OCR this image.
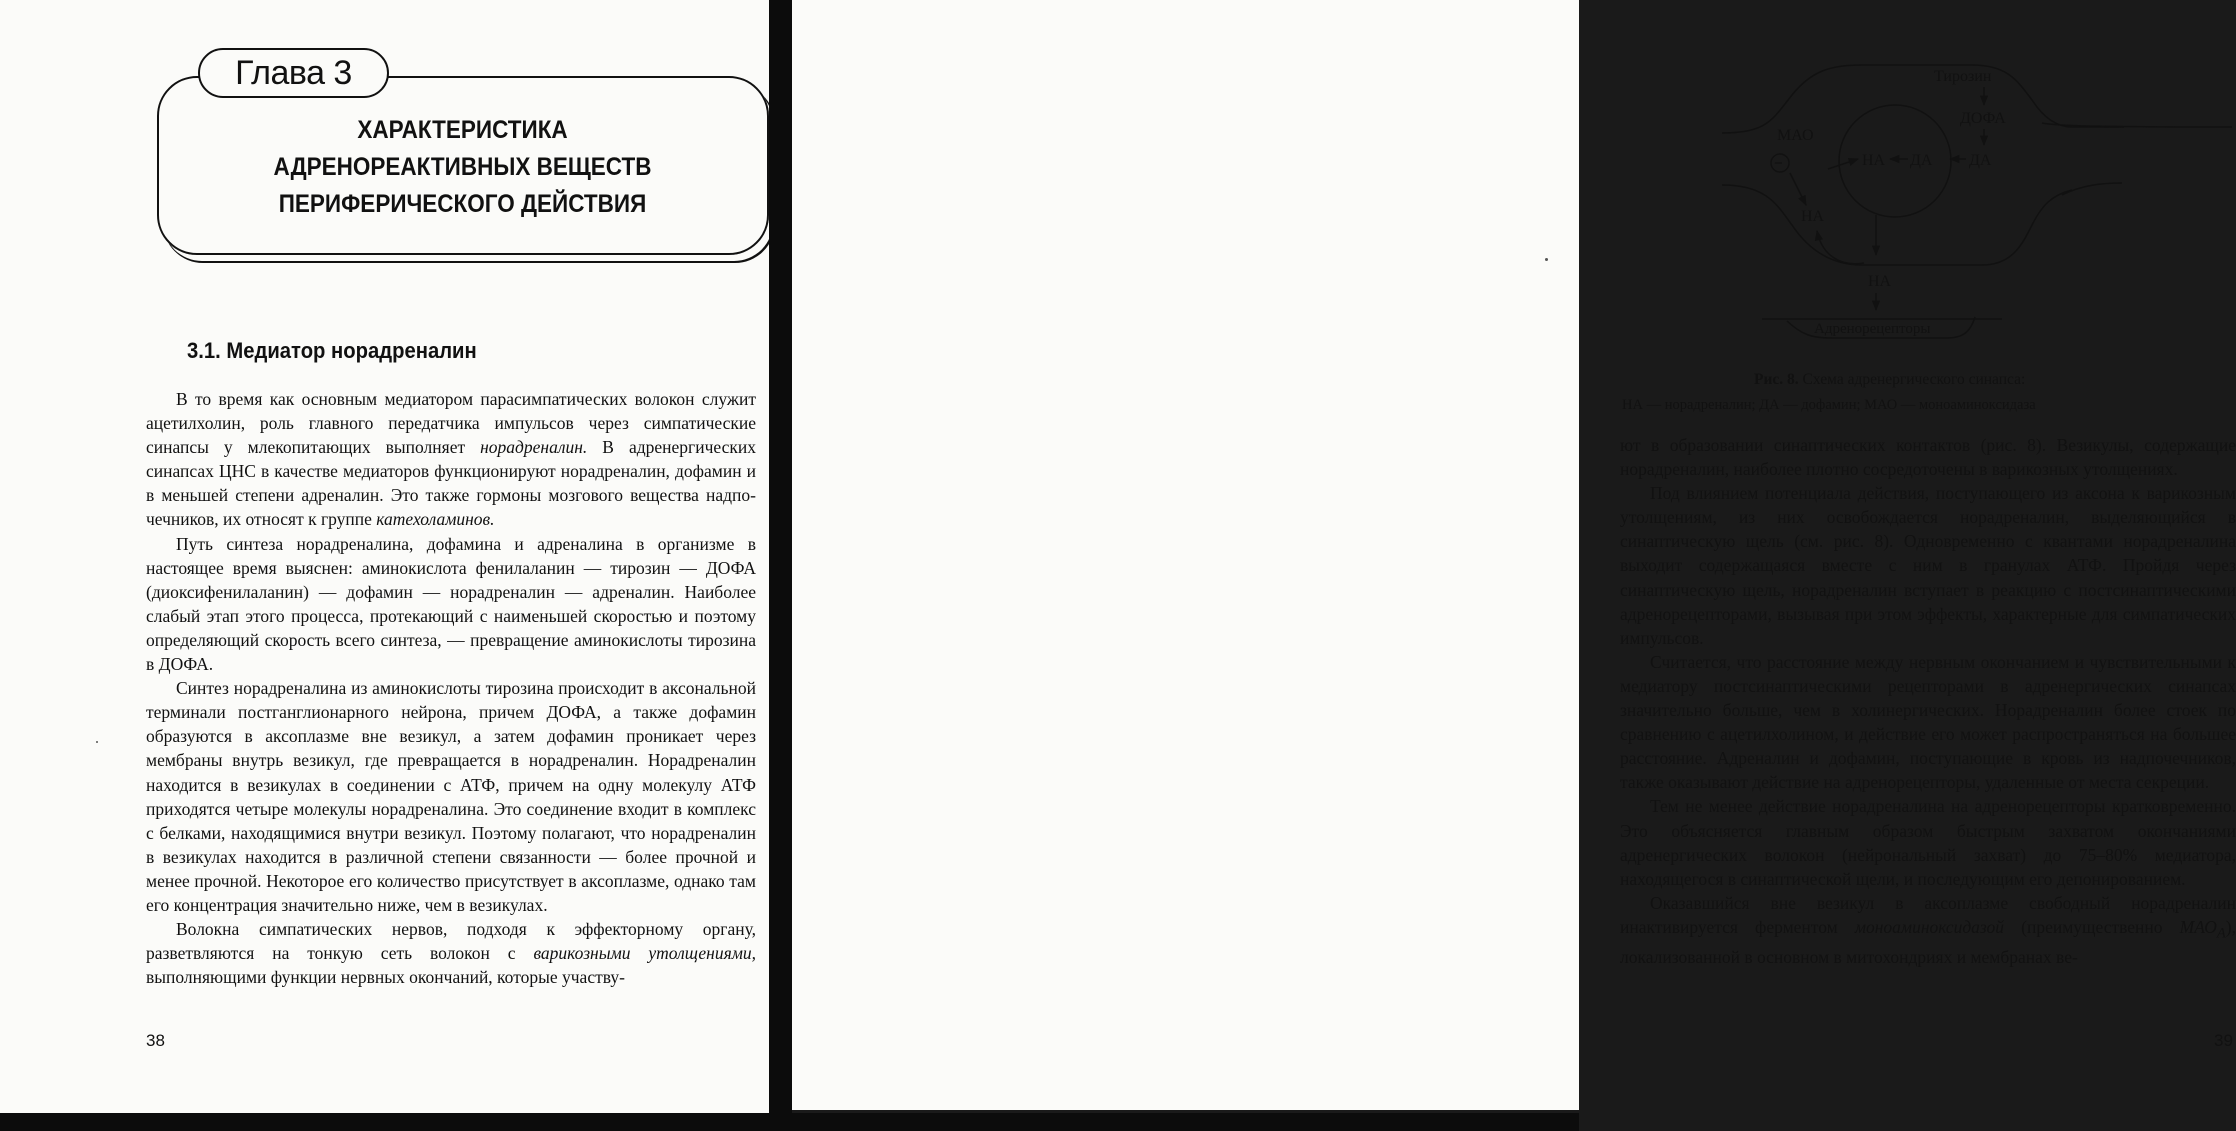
Глава 3
ХАРАКТЕРИСТИКА
АДРЕНОРЕАКТИВНЫХ ВЕЩЕСТВ
ПЕРИФЕРИЧЕСКОГО ДЕЙСТВИЯ
3.1. Медиатор норадреналин

В то время как основным медиатором парасимпатических волокон служит ацетилхолин, роль главного передатчика импульсов через симпатические синапсы у млекопитающих выполняет норадреналин. В адренергических синапсах ЦНС в качестве медиаторов функционируют норадреналин, дофамин и в меньшей степени адреналин. Это также гормоны мозгового вещества надпочечников, их относят к группе катехоламинов.

Путь синтеза норадреналина, дофамина и адреналина в организме в настоящее время выяснен: аминокислота фенилаланин — тирозин — ДОФА (диоксифенилаланин) — дофамин — норадреналин — адреналин. Наиболее слабый этап этого процесса, протекающий с наименьшей скоростью и поэтому определяющий скорость всего синтеза, — превращение аминокислоты тирозина в ДОФА.

Синтез норадреналина из аминокислоты тирозина происходит в аксональной терминали постганглионарного нейрона, причем ДОФА, а также дофамин образуются в аксоплазме вне везикул, а затем дофамин проникает через мембраны внутрь везикул, где превращается в норадреналин. Норадреналин находится в везикулах в соединении с АТФ, причем на одну молекулу АТФ приходятся четыре молекулы норадреналина. Это соединение входит в комплекс с белками, находящимися внутри везикул. Поэтому полагают, что норадреналин в везикулах находится в различной степени связанности — более прочной и менее прочной. Некоторое его количество присутствует в аксоплазме, однако там его концентрация значительно ниже, чем в везикулах.

Волокна симпатических нервов, подходя к эффекторному органу, разветвляются на тонкую сеть волокон с варикозными утолщениями, выполняющими функции нервных окончаний, которые участву-

38
Тирозин
ДОФА
МАО
НА ДА ДА
НА
НА
Адренорецепторы
−
Рис. 8. Схема адренергического синапса:
НА — норадреналин; ДА — дофамин; МАО — моноаминоксидаза

ют в образовании синаптических контактов (рис. 8). Везикулы, содержащие норадреналин, наиболее плотно сосредоточены в варикозных утолщениях.

Под влиянием потенциала действия, поступающего из аксона к варикозным утолщениям, из них освобождается норадреналин, выделяющийся в синаптическую щель (см. рис. 8). Одновременно с квантами норадреналина выходит содержащаяся вместе с ним в гранулах АТФ. Пройдя через синаптическую щель, норадреналин вступает в реакцию с постсинаптическими адренорецепторами, вызывая при этом эффекты, характерные для симпатических импульсов.

Считается, что расстояние между нервным окончанием и чувствительными к медиатору постсинаптическими рецепторами в адренергических синапсах значительно больше, чем в холинергических. Норадреналин более стоек по сравнению с ацетилхолином, и действие его может распространяться на большее расстояние. Адреналин и дофамин, поступающие в кровь из надпочечников, также оказывают действие на адренорецепторы, удаленные от места секреции.

Тем не менее действие норадреналина на адренорецепторы кратковременно. Это объясняется главным образом быстрым захватом окончаниями адренергических волокон (нейрональный захват) до 75–80% медиатора, находящегося в синаптической щели, и последующим его депонированием.

Оказавшийся вне везикул в аксоплазме свободный норадреналин инактивируется ферментом моноаминоксидазой (преимущественно $МАО_A$), локализованной в основном в митохондриях и мембранах ве-

39
